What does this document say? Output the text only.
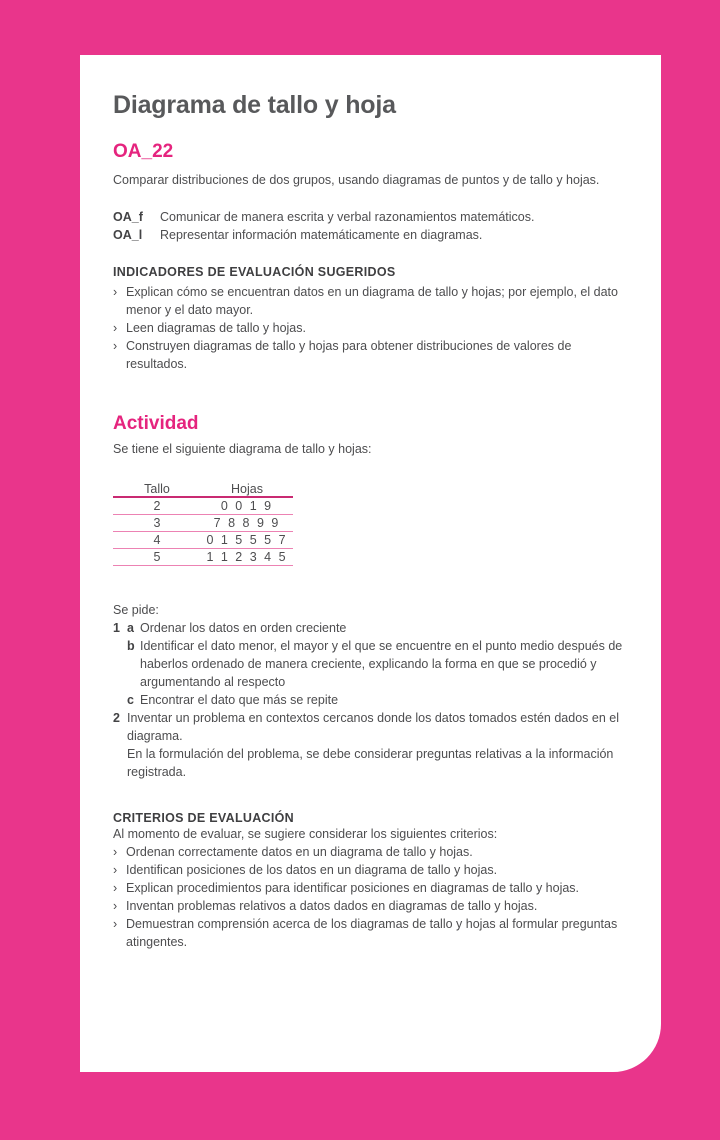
Diagrama de tallo y hoja
OA_22

Comparar distribuciones de dos grupos, usando diagramas de puntos y de tallo y hojas.

OA_f	Comunicar de manera escrita y verbal razonamientos matemáticos.
OA_l	Representar información matemáticamente en diagramas.
INDICADORES DE EVALUACIÓN SUGERIDOS
› Explican cómo se encuentran datos en un diagrama de tallo y hojas; por ejemplo, el dato menor y el dato mayor.
› Leen diagramas de tallo y hojas.
› Construyen diagramas de tallo y hojas para obtener distribuciones de valores de resultados.
Actividad

Se tiene el siguiente diagrama de tallo y hojas:

Tallo	Hojas
2	0 0 1 9
3	7 8 8 9 9
4	0 1 5 5 5 7
5	1 1 2 3 4 5

Se pide:

1 a Ordenar los datos en orden creciente
b Identificar el dato menor, el mayor y el que se encuentre en el punto medio después de haberlos ordenado de manera creciente, explicando la forma en que se procedió y argumentando al respecto
c Encontrar el dato que más se repite
2 Inventar un problema en contextos cercanos donde los datos tomados estén dados en el diagrama.
En la formulación del problema, se debe considerar preguntas relativas a la información registrada.
CRITERIOS DE EVALUACIÓN

Al momento de evaluar, se sugiere considerar los siguientes criterios:

› Ordenan correctamente datos en un diagrama de tallo y hojas.
› Identifican posiciones de los datos en un diagrama de tallo y hojas.
› Explican procedimientos para identificar posiciones en diagramas de tallo y hojas.
› Inventan problemas relativos a datos dados en diagramas de tallo y hojas.
› Demuestran comprensión acerca de los diagramas de tallo y hojas al formular preguntas atingentes.
